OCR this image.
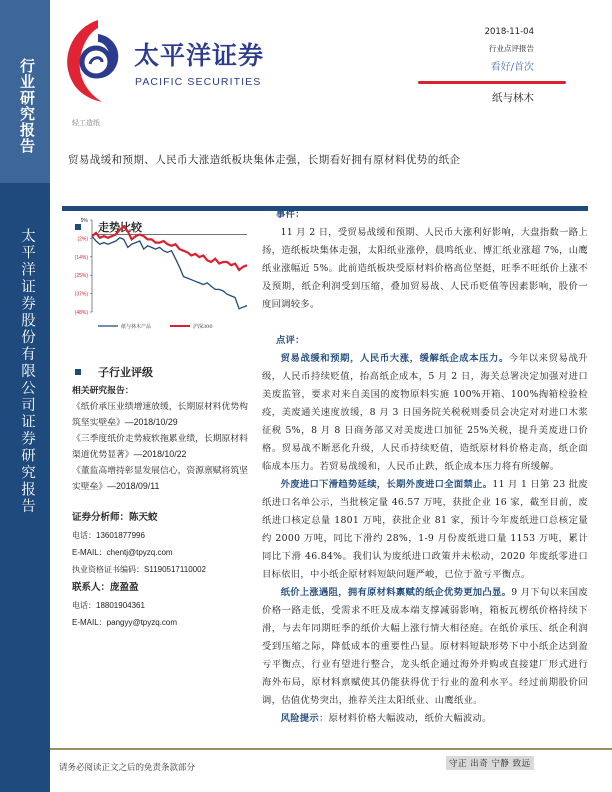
行业研究报告
太平洋证券股份有限公司证券研究报告
太平洋证券
PACIFIC SECURITIES
2018-11-04
行业点评报告
看好/首次
纸与林木
轻工造纸
贸易战缓和预期、人民币大涨造纸板块集体走强，长期看好拥有原材料优势的纸企
走势比较
9%
(2%)
(14%)
(25%)
(37%)
(48%)
纸与林木产品	沪深300
子行业评级
相关研究报告：
《纸价承压业绩增速放缓，长期原材料优势构筑坚实壁垒》—2018/10/29
《三季度纸价走势疲软拖累业绩，长期原材料渠道优势显著》—2018/10/22
《董监高增持彰显发展信心，资源禀赋将筑坚实壁垒》—2018/09/11
证券分析师：陈天蛟
电话：13601877996
E-MAIL：chentj@tpyzq.com
执业资格证书编码：S1190517110002
联系人：庞盈盈
电话：18801904361
E-MAIL：pangyy@tpyzq.com

事件：

11 月 2 日，受贸易战缓和预期、人民币大涨利好影响，大盘指数一路上扬，造纸板块集体走强，太阳纸业涨停，晨鸣纸业、博汇纸业涨超 7%，山鹰纸业涨幅近 5%。此前造纸板块受原材料价格高位坚挺，旺季不旺纸价上涨不及预期，纸企利润受到压缩，叠加贸易战、人民币贬值等因素影响，股价一度回调较多。

点评：

贸易战缓和预期，人民币大涨，缓解纸企成本压力。今年以来贸易战升级，人民币持续贬值，抬高纸企成本，5 月 2 日，海关总署决定加强对进口美废监管，要求对来自美国的废物原料实施 100%开箱、100%掏箱检验检疫，美废通关速度放缓，8 月 3 日国务院关税税则委员会决定对对进口木浆征税 5%，8 月 8 日商务部又对美废进口加征 25%关税，提升美废进口价格。贸易战不断恶化升级，人民币持续贬值，造纸原材料价格走高，纸企面临成本压力。若贸易战缓和，人民币止跌，纸企成本压力将有所缓解。

外废进口下滑趋势延续，长期外废进口全面禁止。11 月 1 日第 23 批废纸进口名单公示，当批核定量 46.57 万吨，获批企业 16 家，截至目前，废纸进口核定总量 1801 万吨，获批企业 81 家，预计今年废纸进口总核定量约 2000 万吨，同比下滑约 28%，1-9 月份废纸进口量 1153 万吨，累计同比下滑 46.84%。我们认为废纸进口政策并未松动，2020 年废纸零进口目标依旧，中小纸企原材料短缺问题严峻，已位于盈亏平衡点。

纸价上涨遇阻，拥有原材料禀赋的纸企优势更加凸显。9 月下旬以来国废价格一路走低，受需求不旺及成本端支撑减弱影响，箱板瓦楞纸价格持续下滑，与去年同期旺季的纸价大幅上涨行情大相径庭。在纸价承压、纸企利润受到压缩之际，降低成本的重要性凸显。原材料短缺形势下中小纸企达到盈亏平衡点，行业有望进行整合，龙头纸企通过海外并购或直接建厂形式进行海外布局，原材料禀赋使其仍能获得优于行业的盈利水平。经过前期股价回调，估值优势突出，推荐关注太阳纸业、山鹰纸业。

风险提示：原材料价格大幅波动，纸价大幅波动。

守正 出奇 宁静 致远
请务必阅读正文之后的免责条款部分
